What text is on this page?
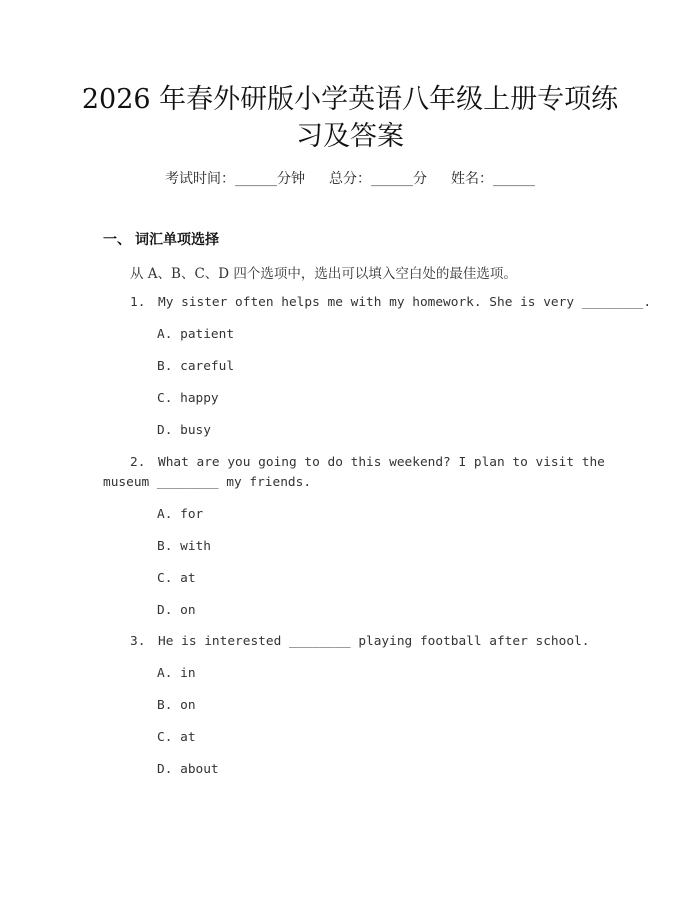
2026 年春外研版小学英语八年级上册专项练
习及答案
考试时间：______分钟 总分：______分 姓名：______
一、 词汇单项选择
从 A、B、C、D 四个选项中，选出可以填入空白处的最佳选项。
1. My sister often helps me with my homework. She is very ________.
A. patient
B. careful
C. happy
D. busy
2. What are you going to do this weekend? I plan to visit the
museum ________ my friends.
A. for
B. with
C. at
D. on
3. He is interested ________ playing football after school.
A. in
B. on
C. at
D. about
